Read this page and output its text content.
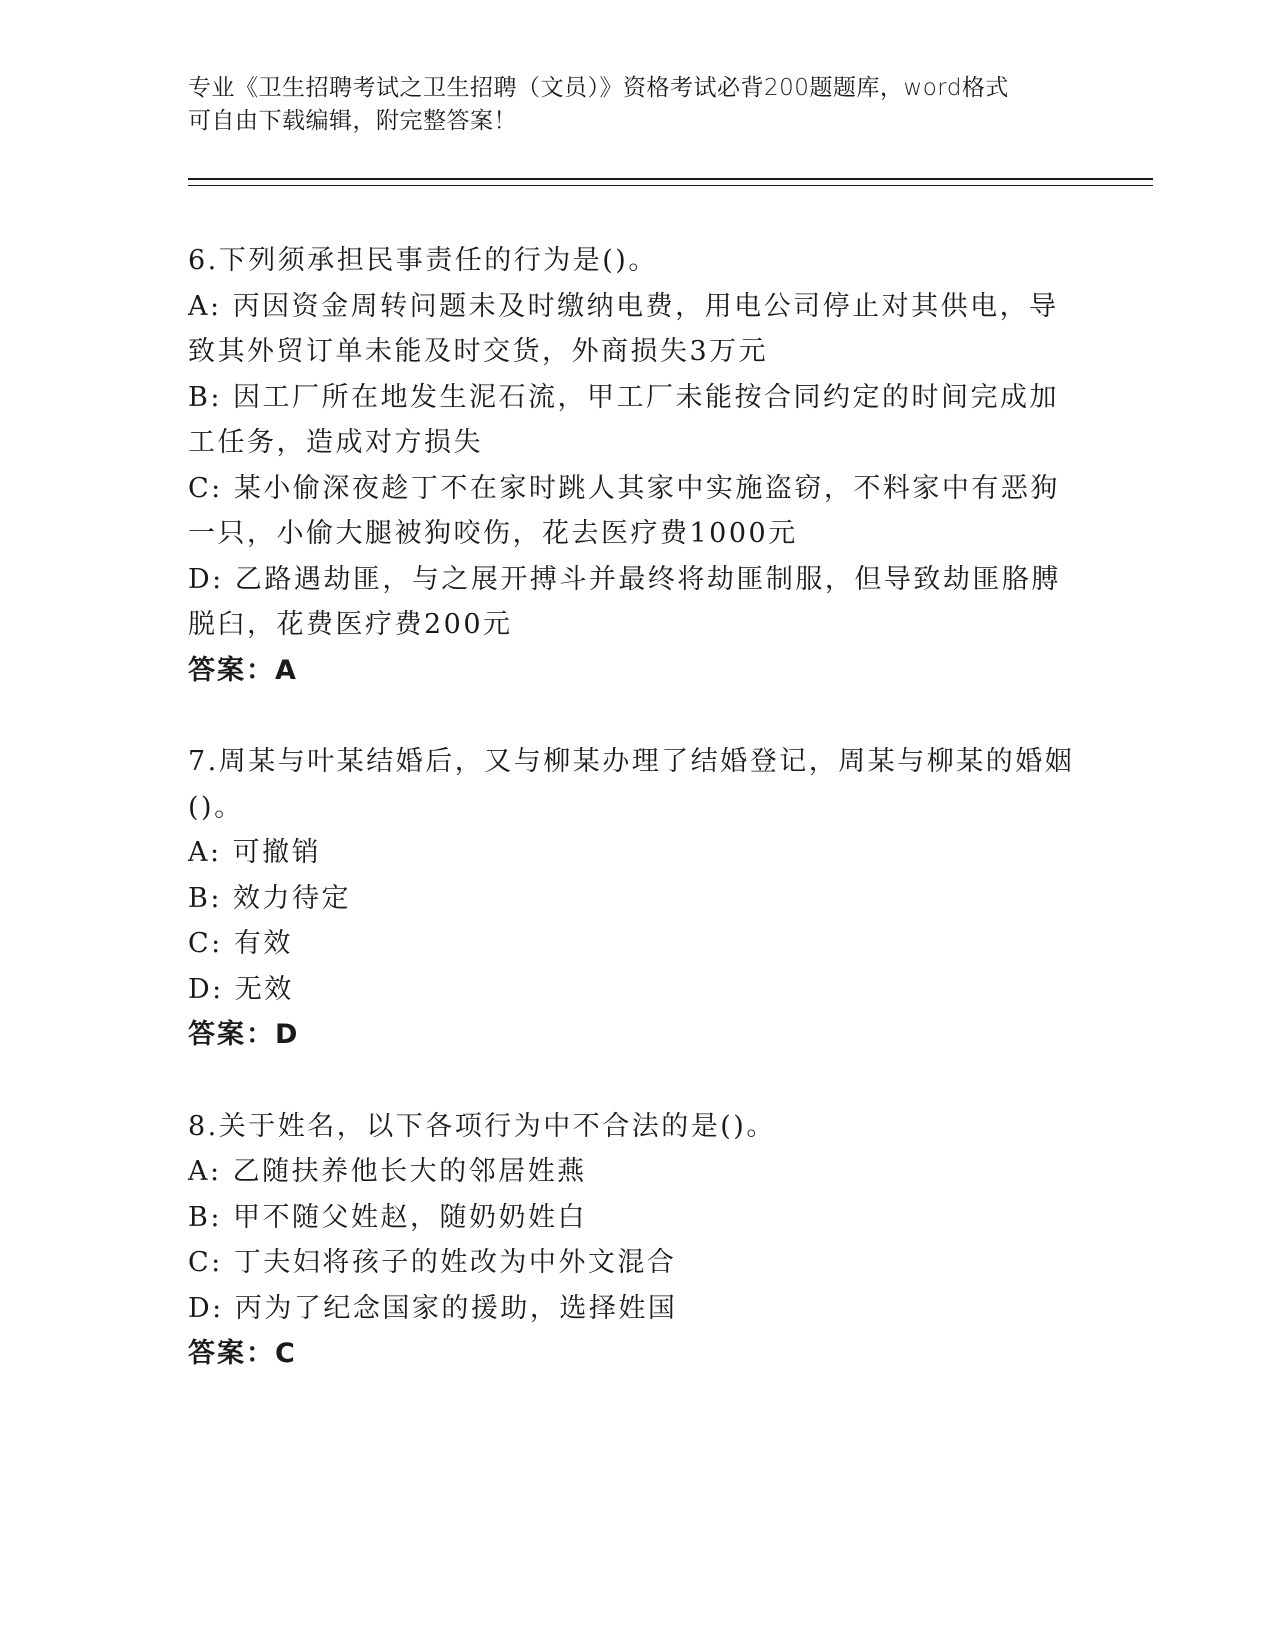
专业《卫生招聘考试之卫生招聘（文员）》资格考试必背200题题库，word格式
可自由下载编辑，附完整答案！

6.下列须承担民事责任的行为是()。

A: 丙因资金周转问题未及时缴纳电费，用电公司停止对其供电，导致其外贸订单未能及时交货，外商损失3万元

B: 因工厂所在地发生泥石流，甲工厂未能按合同约定的时间完成加工任务，造成对方损失

C: 某小偷深夜趁丁不在家时跳人其家中实施盗窃，不料家中有恶狗一只，小偷大腿被狗咬伤，花去医疗费1000元

D: 乙路遇劫匪，与之展开搏斗并最终将劫匪制服，但导致劫匪胳膊脱臼，花费医疗费200元

答案：A

7.周某与叶某结婚后，又与柳某办理了结婚登记，周某与柳某的婚姻()。

A: 可撤销

B: 效力待定

C: 有效

D: 无效

答案：D

8.关于姓名，以下各项行为中不合法的是()。

A: 乙随扶养他长大的邻居姓燕

B: 甲不随父姓赵，随奶奶姓白

C: 丁夫妇将孩子的姓改为中外文混合

D: 丙为了纪念国家的援助，选择姓国

答案：C
